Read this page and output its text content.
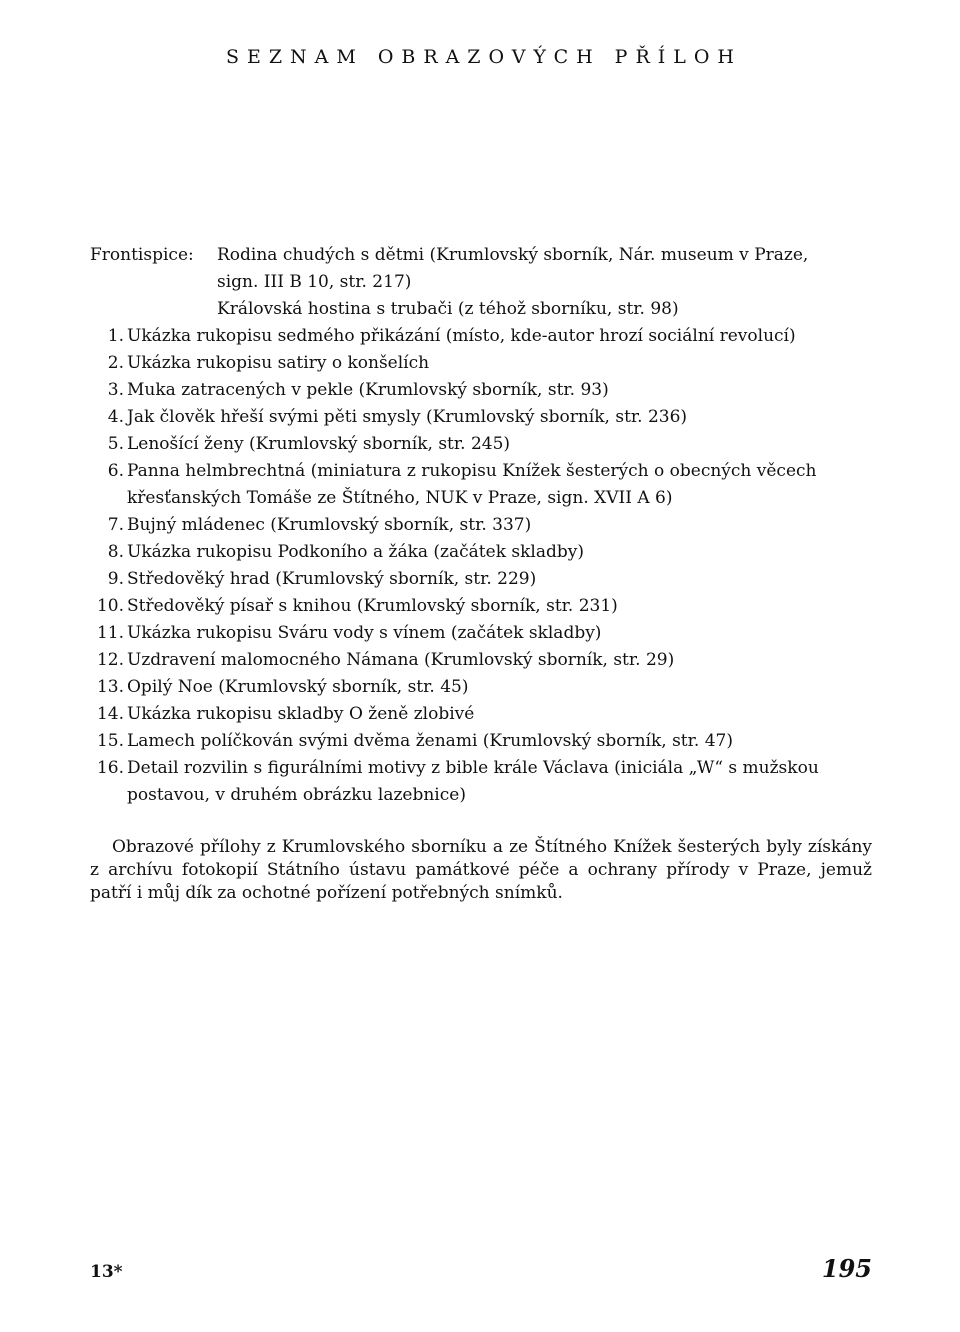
SEZNAM OBRAZOVÝCH PŘÍLOH
Frontispice:	Rodina chudých s dětmi (Krumlovský sborník, Nár. museum v Praze,
sign. III B 10, str. 217)
Královská hostina s trubači (z téhož sborníku, str. 98)
1. Ukázka rukopisu sedmého přikázání (místo, kde-autor hrozí sociální revolucí)
2. Ukázka rukopisu satiry o konšelích
3. Muka zatracených v pekle (Krumlovský sborník, str. 93)
4. Jak člověk hřeší svými pěti smysly (Krumlovský sborník, str. 236)
5. Lenošící ženy (Krumlovský sborník, str. 245)
6. Panna helmbrechtná (miniatura z rukopisu Knížek šesterých o obecných věcech křesťanských Tomáše ze Štítného, NUK v Praze, sign. XVII A 6)
7. Bujný mládenec (Krumlovský sborník, str. 337)
8. Ukázka rukopisu Podkoního a žáka (začátek skladby)
9. Středověký hrad (Krumlovský sborník, str. 229)
10. Středověký písař s knihou (Krumlovský sborník, str. 231)
11. Ukázka rukopisu Sváru vody s vínem (začátek skladby)
12. Uzdravení malomocného Námana (Krumlovský sborník, str. 29)
13. Opilý Noe (Krumlovský sborník, str. 45)
14. Ukázka rukopisu skladby O ženě zlobivé
15. Lamech políčkován svými dvěma ženami (Krumlovský sborník, str. 47)
16. Detail rozvilin s figurálními motivy z bible krále Václava (iniciála „W“ s mužskou postavou, v druhém obrázku lazebnice)
Obrazové přílohy z Krumlovského sborníku a ze Štítného Knížek šesterých byly získány z archívu fotokopií Státního ústavu památkové péče a ochrany přírody v Praze, jemuž patří i můj dík za ochotné pořízení potřebných snímků.
13*	195
